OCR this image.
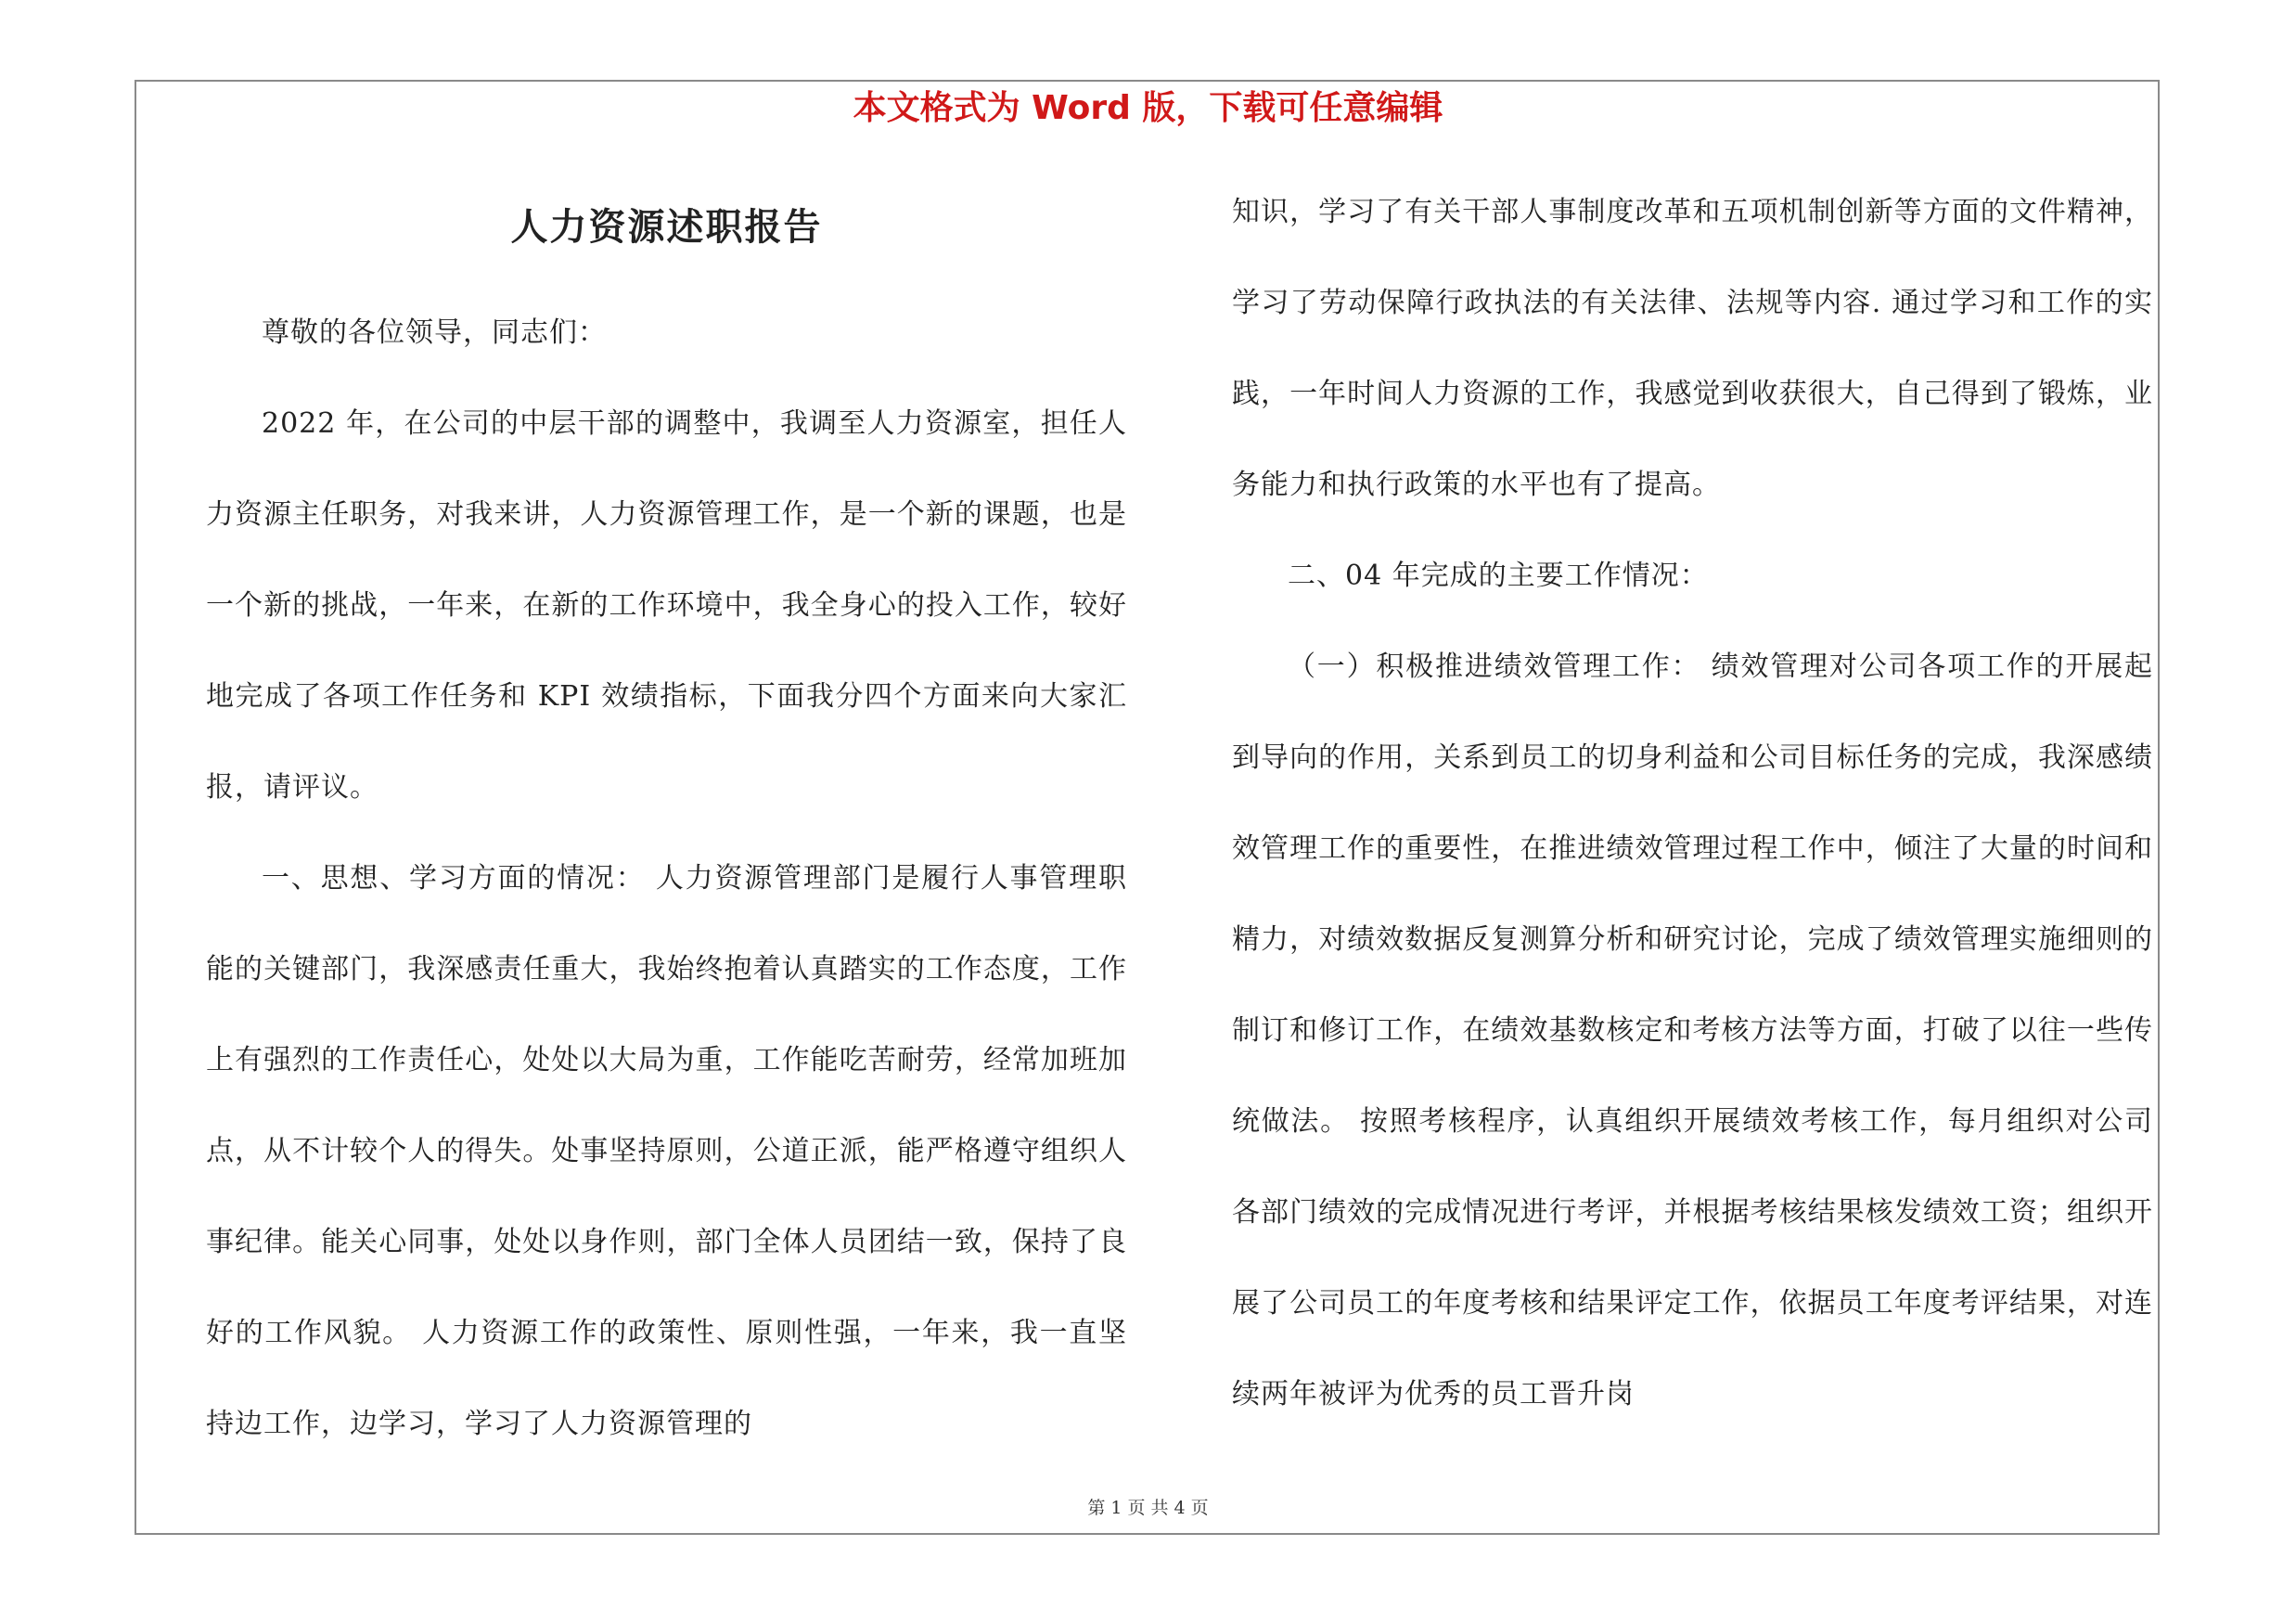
本文格式为 Word 版，下载可任意编辑
人力资源述职报告

尊敬的各位领导，同志们：

2022 年，在公司的中层干部的调整中，我调至人力资源室，担任人力资源主任职务，对我来讲，人力资源管理工作，是一个新的课题，也是一个新的挑战，一年来，在新的工作环境中，我全身心的投入工作，较好地完成了各项工作任务和 KPI 效绩指标，下面我分四个方面来向大家汇报，请评议。

一、思想、学习方面的情况： 人力资源管理部门是履行人事管理职能的关键部门，我深感责任重大，我始终抱着认真踏实的工作态度，工作上有强烈的工作责任心，处处以大局为重，工作能吃苦耐劳，经常加班加点，从不计较个人的得失。处事坚持原则，公道正派，能严格遵守组织人事纪律。能关心同事，处处以身作则，部门全体人员团结一致，保持了良好的工作风貌。 人力资源工作的政策性、原则性强，一年来，我一直坚持边工作，边学习，学习了人力资源管理的

知识，学习了有关干部人事制度改革和五项机制创新等方面的文件精神，学习了劳动保障行政执法的有关法律、法规等内容. 通过学习和工作的实践，一年时间人力资源的工作，我感觉到收获很大，自己得到了锻炼，业务能力和执行政策的水平也有了提高。

二、04 年完成的主要工作情况：

（一）积极推进绩效管理工作： 绩效管理对公司各项工作的开展起到导向的作用，关系到员工的切身利益和公司目标任务的完成，我深感绩效管理工作的重要性，在推进绩效管理过程工作中，倾注了大量的时间和精力，对绩效数据反复测算分析和研究讨论，完成了绩效管理实施细则的制订和修订工作，在绩效基数核定和考核方法等方面，打破了以往一些传统做法。 按照考核程序，认真组织开展绩效考核工作，每月组织对公司各部门绩效的完成情况进行考评，并根据考核结果核发绩效工资；组织开展了公司员工的年度考核和结果评定工作，依据员工年度考评结果，对连续两年被评为优秀的员工晋升岗

第 1 页 共 4 页
